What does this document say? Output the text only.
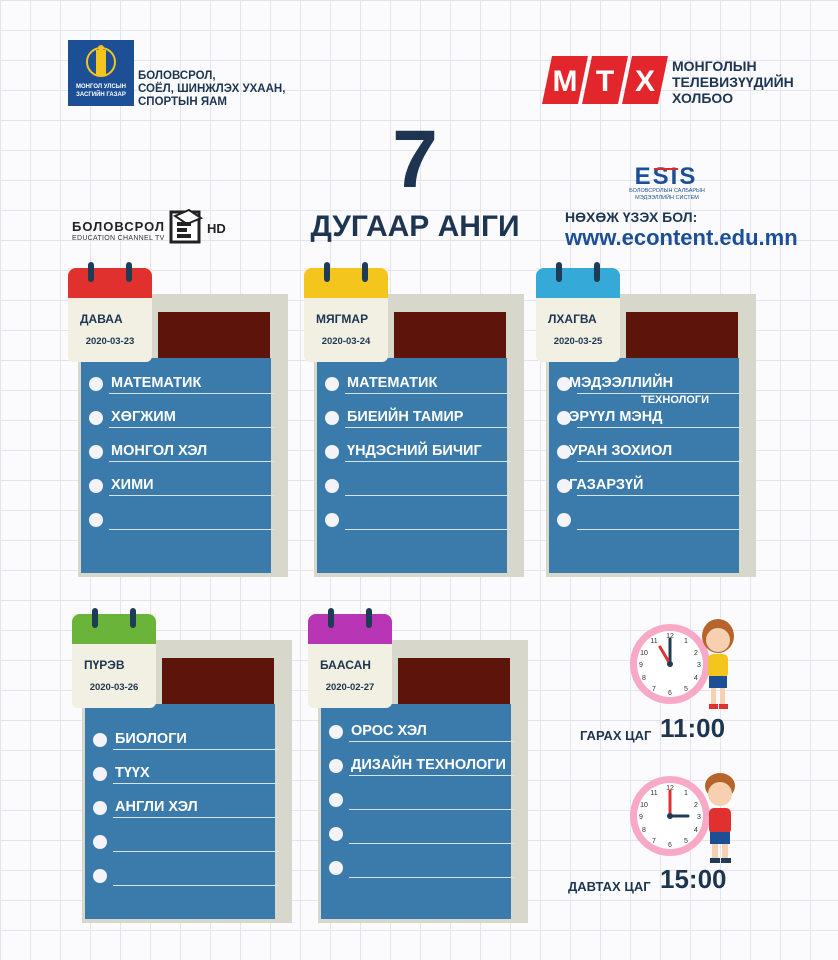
МОНГОЛ УЛСЫН
ЗАСГИЙН ГАЗАР
БОЛОВСРОЛ,
СОЁЛ, ШИНЖЛЭХ УХААН,
СПОРТЫН ЯАМ
М Т Х МОНГОЛЫН
ТЕЛЕВИЗҮҮДИЙН
ХОЛБОО
7
ДУГААР АНГИ
БОЛОВСРОЛ
EDUCATION CHANNEL TV
HD
ESIS
БОЛОВСРОЛЫН САЛБАРЫН МЭДЭЭЛЛИЙН СИСТЕМ
НӨХӨЖ ҮЗЭХ БОЛ:
www.econtent.edu.mn
МАТЕМАТИК
ХӨГЖИМ
МОНГОЛ ХЭЛ
ХИМИ
ДАВАА
2020-03-23
МАТЕМАТИК
БИЕИЙН ТАМИР
ҮНДЭСНИЙ БИЧИГ
МЯГМАР
2020-03-24
МЭДЭЭЛЛИЙН
ТЕХНОЛОГИ
ЭРҮҮЛ МЭНД
УРАН ЗОХИОЛ
ГАЗАРЗҮЙ
ЛХАГВА
2020-03-25
БИОЛОГИ
ТҮҮХ
АНГЛИ ХЭЛ
ПҮРЭВ
2020-03-26
ОРОС ХЭЛ
ДИЗАЙН ТЕХНОЛОГИ
БААСАН
2020-02-27
12
1
2
3
4
5
6
7
8
9
10
11
ГАРАХ ЦАГ 11:00
12
1
2
3
4
5
6
7
8
9
10
11
ДАВТАХ ЦАГ 15:00
